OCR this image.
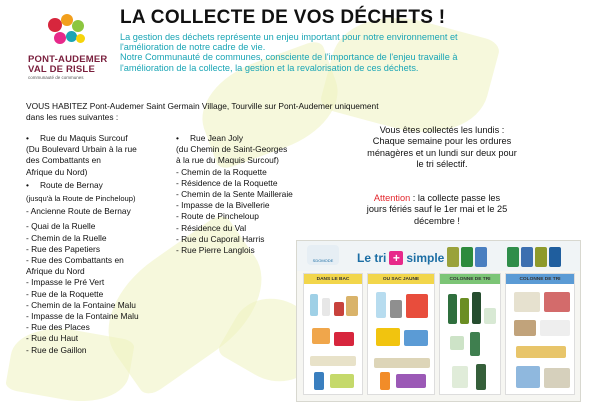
PONT-AUDEMER
VAL DE RISLE
communauté de communes
LA COLLECTE DE VOS DÉCHETS !
La gestion des déchets représente un enjeu important pour notre environnement et
l'amélioration de notre cadre de vie.
Notre Communauté de communes, consciente de l'importance de l'enjeu travaille à
l'amélioration de la collecte, la gestion et la revalorisation de ces déchets.
VOUS HABITEZ Pont-Audemer Saint Germain Village, Tourville sur Pont-Audemer uniquement
dans les rues suivantes :
• Rue du Maquis Surcouf
(Du Boulevard Urbain à la rue
des Combattants en
Afrique du Nord)
• Route de Bernay
(jusqu'à la Route de Pincheloup)
- Ancienne Route de Bernay
- Quai de la Ruelle
- Chemin de la Ruelle
- Rue des Papetiers
- Rue des Combattants en
Afrique du Nord
- Impasse le Pré Vert
- Rue de la Roquette
- Chemin de la Fontaine Malu
- Impasse de la Fontaine Malu
- Rue des Places
- Rue du Haut
- Rue de Gaillon
• Rue Jean Joly
(du Chemin de Saint-Georges
à la rue du Maquis Surcouf)
- Chemin de la Roquette
- Résidence de la Roquette
- Chemin de la Sente Mailleraie
- Impasse de la Bivellerie
- Route de Pincheloup
- Résidence du Val
- Rue du Caporal Harris
- Rue Pierre Langlois
Vous êtes collectés les lundis :
Chaque semaine pour les ordures
ménagères et un lundi sur deux pour
le tri sélectif.
Attention : la collecte passe les
jours fériés sauf le 1er mai et le 25
décembre !
SDOMODE	Le tri + simple
DANS LE BAC	OU SAC JAUNE	COLONNE DE TRI	COLONNE DE TRI
